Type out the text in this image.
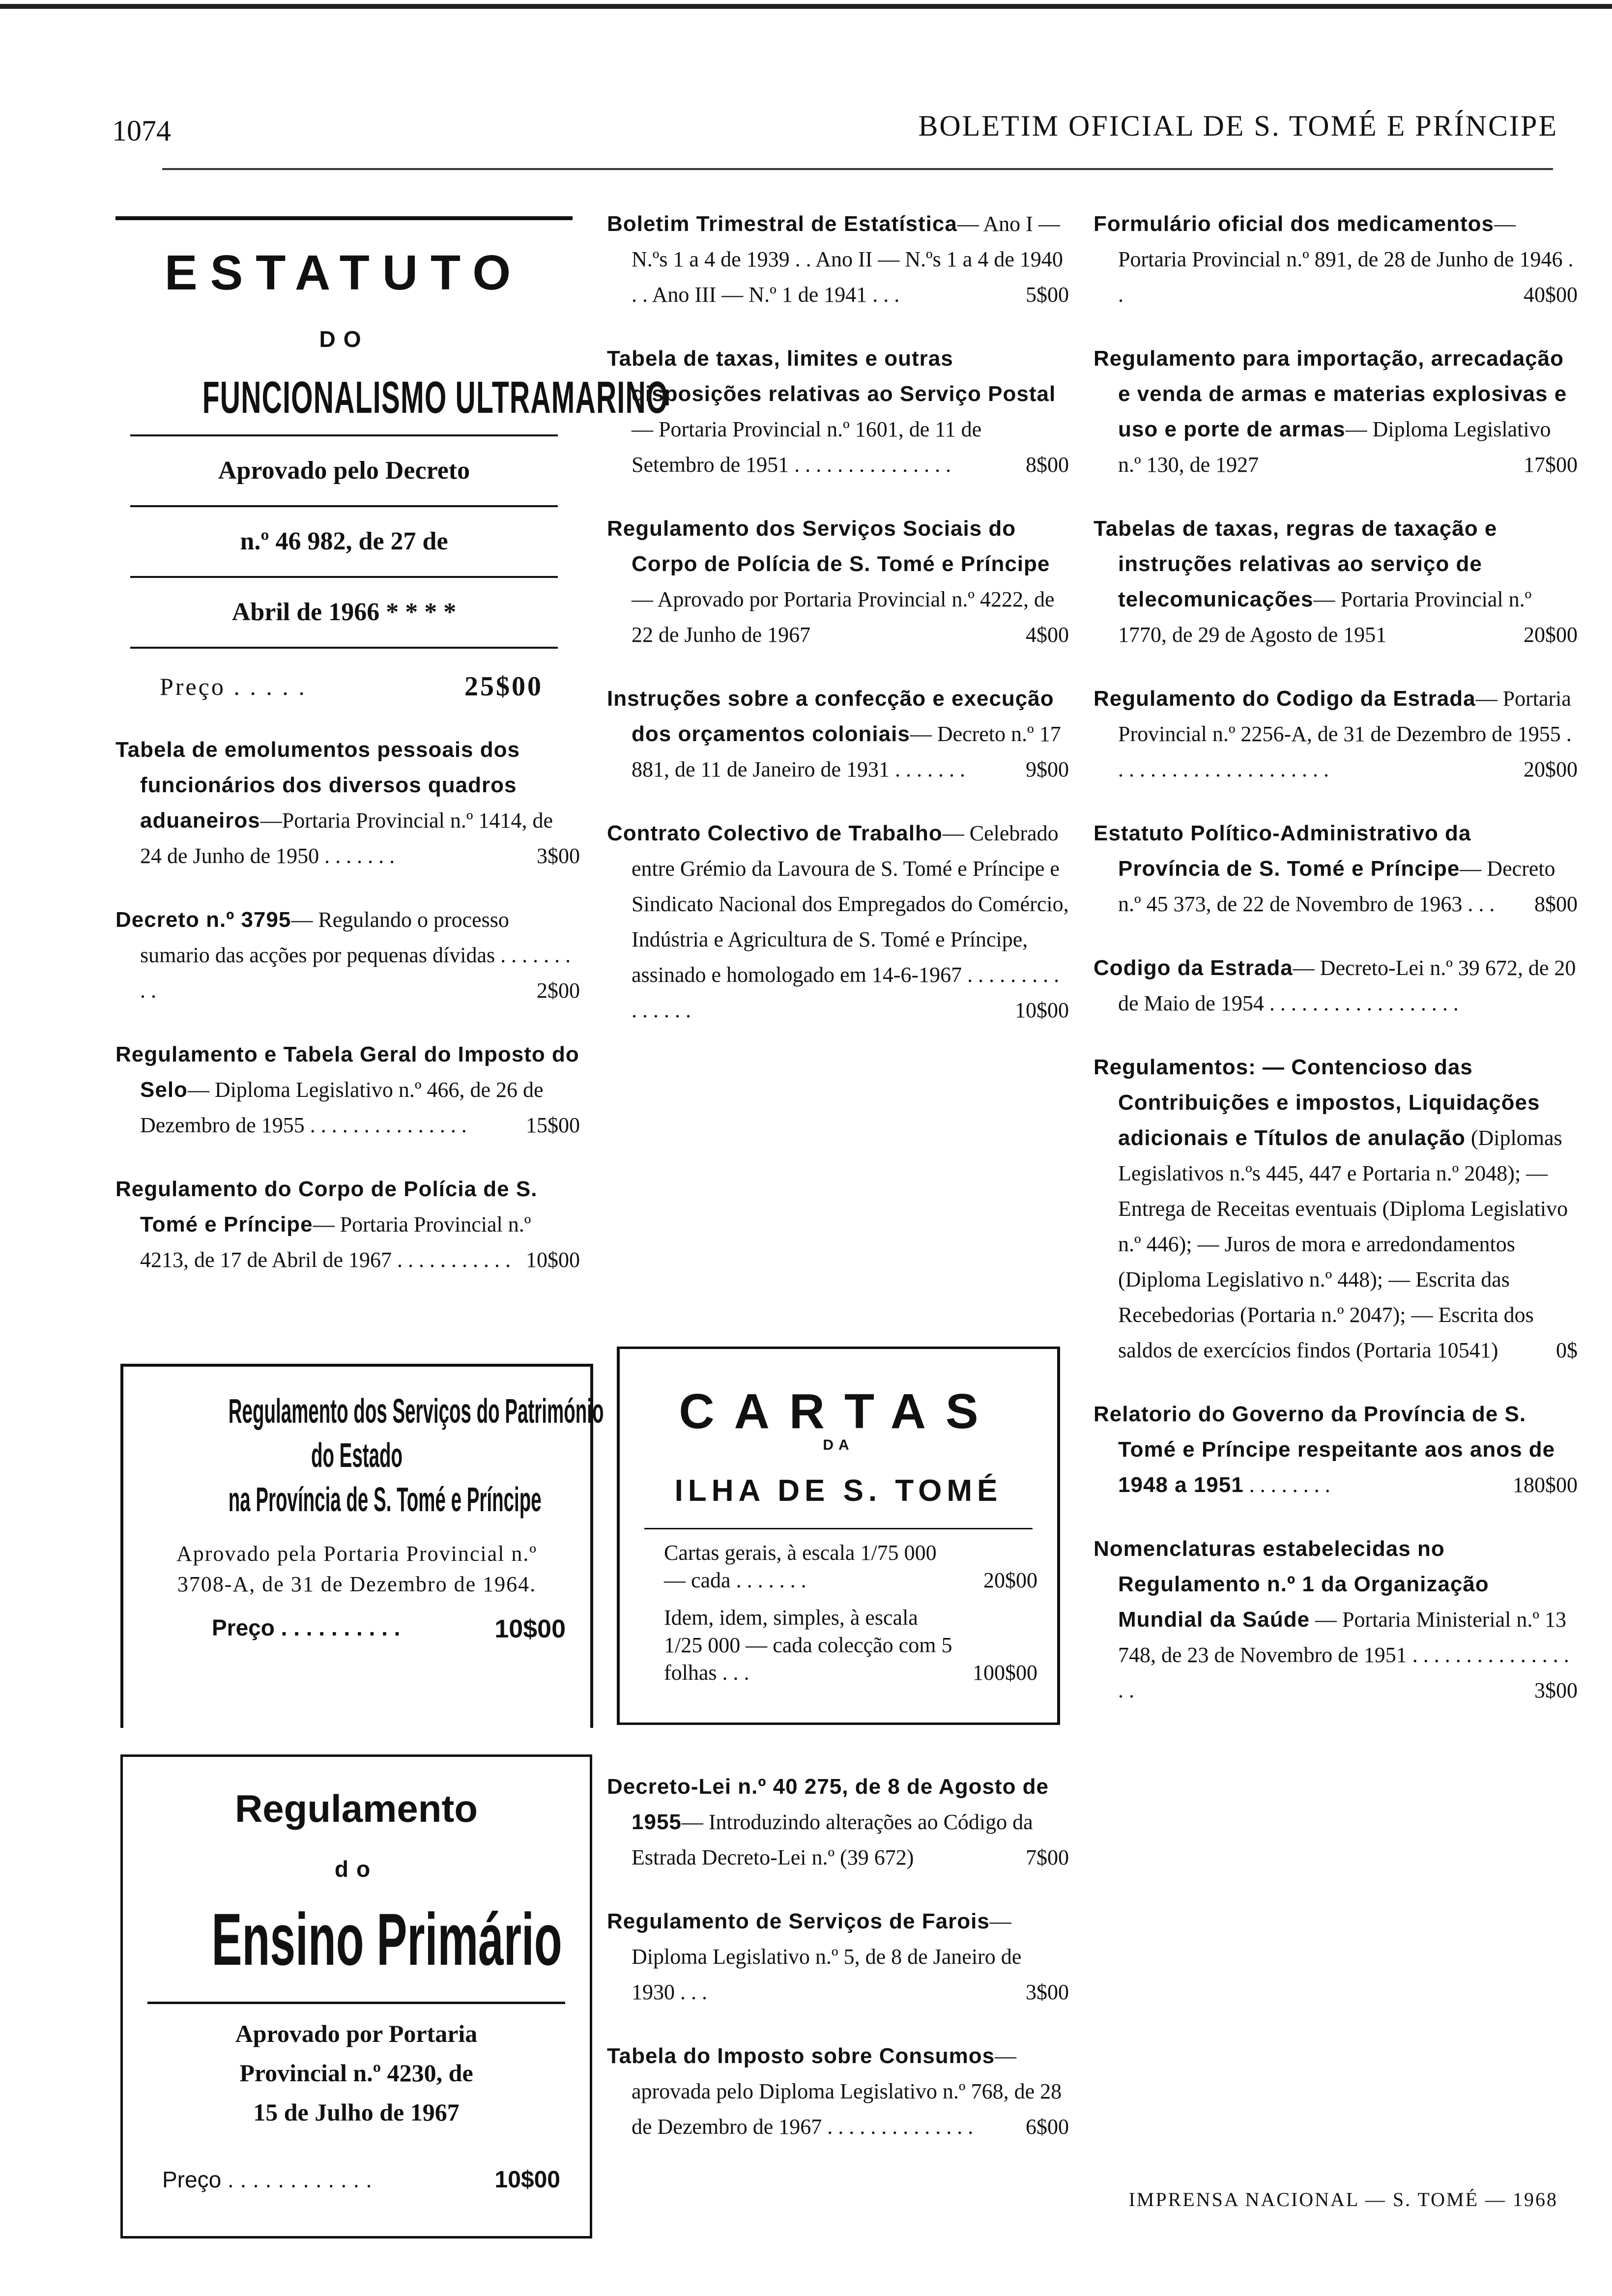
1074	BOLETIM OFICIAL DE S. TOMÉ E PRÍNCIPE
ESTATUTO
DO
FUNCIONALISMO ULTRAMARINO
Aprovado pelo Decreto
n.º 46 982, de 27 de
Abril de 1966 * * * *
25$00
Preço . . . . .
Tabela de emolumentos pessoais dos funcionários dos diversos quadros aduaneiros—Portaria Provincial n.º 1414, de 24 de Junho de 1950 . . . . . . .	3$00
Decreto n.º 3795— Regulando o processo sumario das acções por pequenas dívidas . . . . . . . . .	2$00
Regulamento e Tabela Geral do Imposto do Selo— Diploma Legislativo n.º 466, de 26 de Dezembro de 1955 . . . . . . . . . . . . . . .	15$00
Regulamento do Corpo de Polícia de S. Tomé e Príncipe— Portaria Provincial n.º 4213, de 17 de Abril de 1967 . . . . . . . . . . . 10$00
Regulamento dos Serviços do Património
do Estado
na Província de S. Tomé e Príncipe
Aprovado pela Portaria Provincial n.º 3708-A, de 31 de Dezembro de 1964.
10$00
Preço . . . . . . . . . .
Regulamento
do
Ensino Primário
Aprovado por Portaria
Provincial n.º 4230, de
15 de Julho de 1967
10$00
Preço . . . . . . . . . . . .
Boletim Trimestral de Estatística— Ano I — N.ºs 1 a 4 de 1939 . . Ano II — N.ºs 1 a 4 de 1940 . . Ano III — N.º 1 de 1941 . . .	5$00
Tabela de taxas, limites e outras disposições relativas ao Serviço Postal— Portaria Provincial n.º 1601, de 11 de Setembro de 1951 . . . . . . . . . . . . . . .	8$00
Regulamento dos Serviços Sociais do Corpo de Polícia de S. Tomé e Príncipe— Aprovado por Portaria Provincial n.º 4222, de 22 de Junho de 1967	4$00
Instruções sobre a confecção e execução dos orçamentos coloniais— Decreto n.º 17 881, de 11 de Janeiro de 1931 . . . . . . .	9$00
Contrato Colectivo de Trabalho— Celebrado entre Grémio da Lavoura de S. Tomé e Príncipe e Sindicato Nacional dos Empregados do Comércio, Indústria e Agricultura de S. Tomé e Príncipe, assinado e homologado em 14-6-1967 . . . . . . . . . . . . . . .	10$00
CARTAS
DA
ILHA DE S. TOMÉ
Cartas gerais, à escala 1/75 000 — cada . . . . . . .	20$00
Idem, idem, simples, à escala 1/25 000 — cada colecção com 5 folhas . . .	100$00
Decreto-Lei n.º 40 275, de 8 de Agosto de 1955— Introduzindo alterações ao Código da Estrada Decreto-Lei n.º (39 672)	7$00
Regulamento de Serviços de Farois— Diploma Legislativo n.º 5, de 8 de Janeiro de 1930 . . .	3$00
Tabela do Imposto sobre Consumos— aprovada pelo Diploma Legislativo n.º 768, de 28 de Dezembro de 1967 . . . . . . . . . . . . . .	6$00
Formulário oficial dos medicamentos— Portaria Provincial n.º 891, de 28 de Junho de 1946 . .	40$00
Regulamento para importação, arrecadação e venda de armas e materias explosivas e uso e porte de armas— Diploma Legislativo n.º 130, de 1927	17$00
Tabelas de taxas, regras de taxação e instruções relativas ao serviço de telecomunicações— Portaria Provincial n.º 1770, de 29 de Agosto de 1951	20$00
Regulamento do Codigo da Estrada— Portaria Provincial n.º 2256-A, de 31 de Dezembro de 1955 . . . . . . . . . . . . . . . . . . . . .	20$00
Estatuto Político-Administrativo da Província de S. Tomé e Príncipe— Decreto n.º 45 373, de 22 de Novembro de 1963 . . .	8$00
Codigo da Estrada— Decreto-Lei n.º 39 672, de 20 de Maio de 1954 . . . . . . . . . . . . . . . . . .
Regulamentos: — Contencioso das Contribuições e impostos, Liquidações adicionais e Títulos de anulação (Diplomas Legislativos n.ºs 445, 447 e Portaria n.º 2048); — Entrega de Receitas eventuais (Diploma Legislativo n.º 446); — Juros de mora e arredondamentos (Diploma Legislativo n.º 448); — Escrita das Recebedorias (Portaria n.º 2047); — Escrita dos saldos de exercícios findos (Portaria 10541)	0$
Relatorio do Governo da Província de S. Tomé e Príncipe respeitante aos anos de 1948 a 1951 . . . . . . . .	180$00
Nomenclaturas estabelecidas no Regulamento n.º 1 da Organização Mundial da Saúde — Portaria Ministerial n.º 13 748, de 23 de Novembro de 1951 . . . . . . . . . . . . . . . . .	3$00
IMPRENSA NACIONAL — S. TOMÉ — 1968
